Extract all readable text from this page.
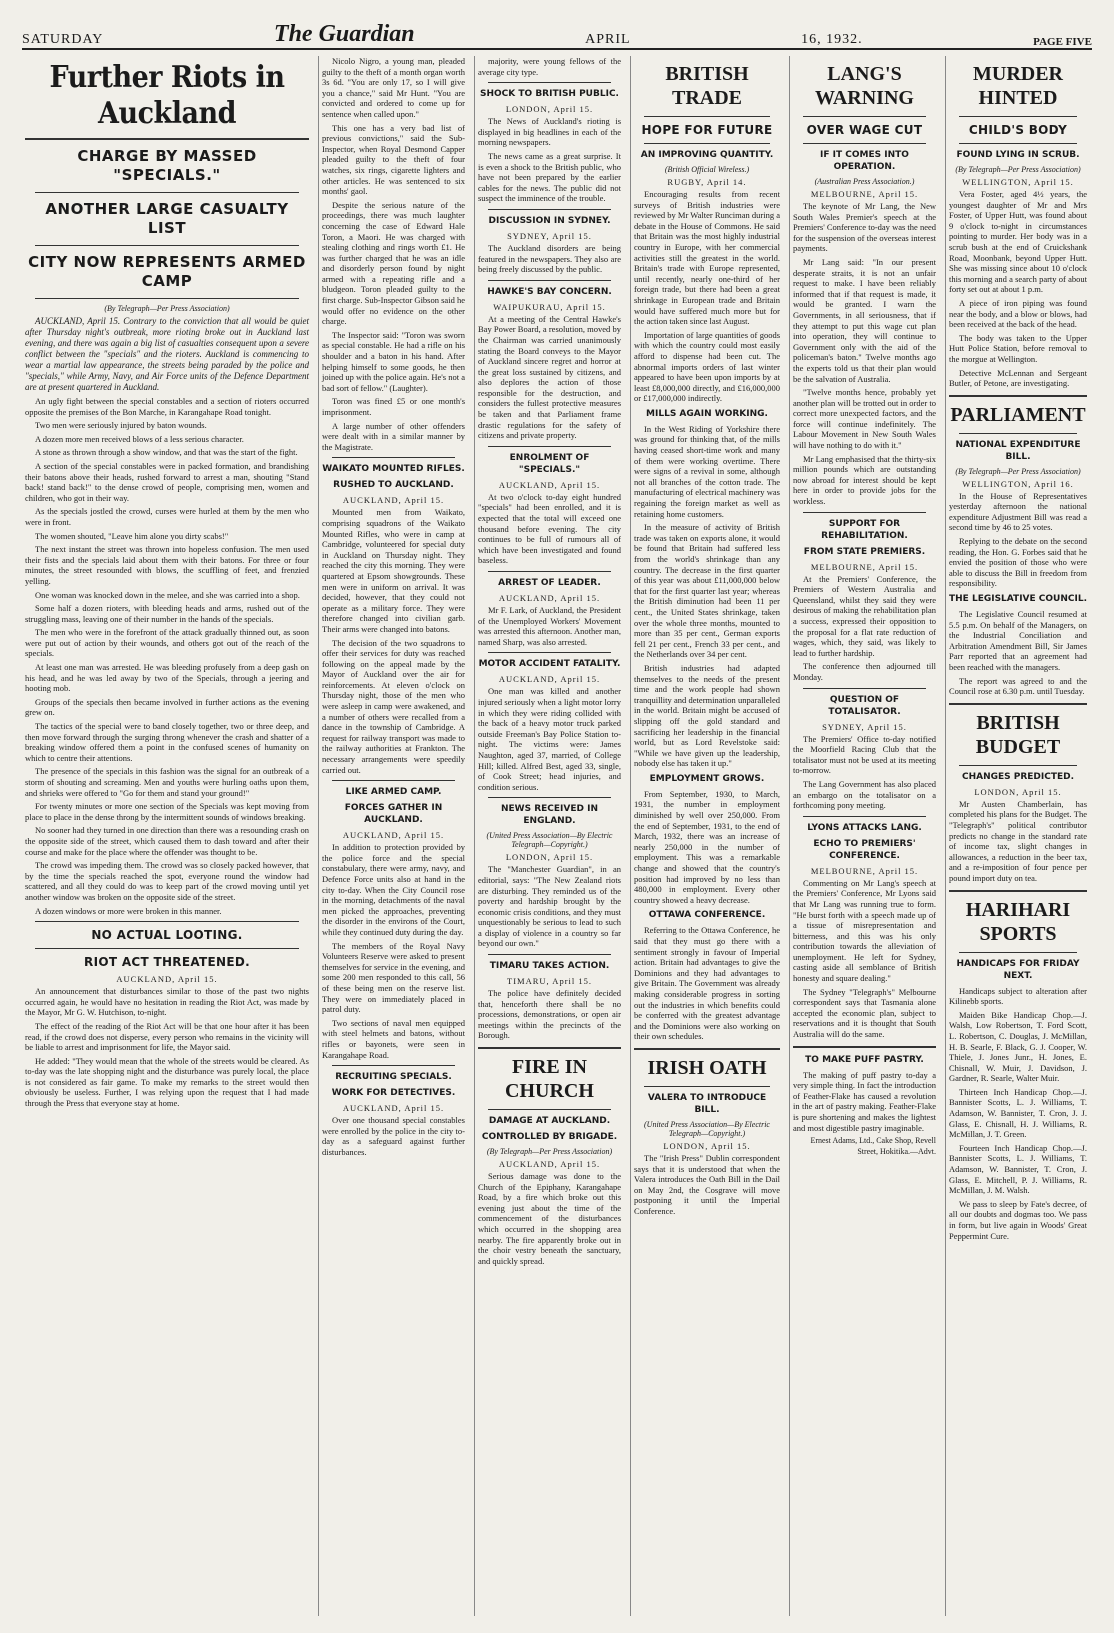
SATURDAY	The Guardian	APRIL	16, 1932.	PAGE FIVE
Further Riots in Auckland
CHARGE BY MASSED "SPECIALS."
ANOTHER LARGE CASUALTY LIST
CITY NOW REPRESENTS ARMED CAMP
(By Telegraph—Per Press Association)

AUCKLAND, April 15. Contrary to the conviction that all would be quiet after Thursday night's outbreak, more rioting broke out in Auckland last evening, and there was again a big list of casualties consequent upon a severe conflict between the "specials" and the rioters. Auckland is commencing to wear a martial law appearance, the streets being paraded by the police and "specials," while Army, Navy, and Air Force units of the Defence Department are at present quartered in Auckland.

An ugly fight between the special constables and a section of rioters occurred opposite the premises of the Bon Marche, in Karangahape Road tonight.

Two men were seriously injured by baton wounds.

A dozen more men received blows of a less serious character.

A stone as thrown through a show window, and that was the start of the fight.

A section of the special constables were in packed formation, and brandishing their batons above their heads, rushed forward to arrest a man, shouting "Stand back! stand back!" to the dense crowd of people, comprising men, women and children, who got in their way.

As the specials jostled the crowd, curses were hurled at them by the men who were in front.

The women shouted, "Leave him alone you dirty scabs!"

The next instant the street was thrown into hopeless confusion. The men used their fists and the specials laid about them with their batons. For three or four minutes, the street resounded with blows, the scuffling of feet, and frenzied yelling.

One woman was knocked down in the melee, and she was carried into a shop.

Some half a dozen rioters, with bleeding heads and arms, rushed out of the struggling mass, leaving one of their number in the hands of the specials.

The men who were in the forefront of the attack gradually thinned out, as soon were put out of action by their wounds, and others got out of the reach of the specials.

At least one man was arrested. He was bleeding profusely from a deep gash on his head, and he was led away by two of the Specials, through a jeering and hooting mob.

Groups of the specials then became involved in further actions as the evening grew on.

The tactics of the special were to band closely together, two or three deep, and then move forward through the surging throng whenever the crash and shatter of a breaking window offered them a point in the confused scenes of humanity on which to centre their attentions.

The presence of the specials in this fashion was the signal for an outbreak of a storm of shouting and screaming. Men and youths were hurling oaths upon them, and shrieks were offered to "Go for them and stand your ground!"

For twenty minutes or more one section of the Specials was kept moving from place to place in the dense throng by the intermittent sounds of windows breaking.

No sooner had they turned in one direction than there was a resounding crash on the opposite side of the street, which caused them to dash toward and after their course and make for the place where the offender was thought to be.

The crowd was impeding them. The crowd was so closely packed however, that by the time the specials reached the spot, everyone round the window had scattered, and all they could do was to keep part of the crowd moving until yet another window was broken on the opposite side of the street.

A dozen windows or more were broken in this manner.

NO ACTUAL LOOTING.
RIOT ACT THREATENED.
AUCKLAND, April 15.

An announcement that disturbances similar to those of the past two nights occurred again, he would have no hesitation in reading the Riot Act, was made by the Mayor, Mr G. W. Hutchison, to-night.

The effect of the reading of the Riot Act will be that one hour after it has been read, if the crowd does not disperse, every person who remains in the vicinity will be liable to arrest and imprisonment for life, the Mayor said.

He added: "They would mean that the whole of the streets would be cleared. As to-day was the late shopping night and the disturbance was purely local, the place is not considered as fair game. To make my remarks to the street would then obviously be useless. Further, I was relying upon the request that I had made through the Press that everyone stay at home.

Nicolo Nigro, a young man, pleaded guilty to the theft of a month organ worth 3s 6d. "You are only 17, so I will give you a chance," said Mr Hunt. "You are convicted and ordered to come up for sentence when called upon."

This one has a very bad list of previous convictions," said the Sub-Inspector, when Royal Desmond Capper pleaded guilty to the theft of four watches, six rings, cigarette lighters and other articles. He was sentenced to six months' gaol.

Despite the serious nature of the proceedings, there was much laughter concerning the case of Edward Hale Toron, a Maori. He was charged with stealing clothing and rings worth £1. He was further charged that he was an idle and disorderly person found by night armed with a repeating rifle and a bludgeon. Toron pleaded guilty to the first charge. Sub-Inspector Gibson said he would offer no evidence on the other charge.

The Inspector said: "Toron was sworn as special constable. He had a rifle on his shoulder and a baton in his hand. After helping himself to some goods, he then joined up with the police again. He's not a bad sort of fellow." (Laughter).

Toron was fined £5 or one month's imprisonment.

A large number of other offenders were dealt with in a similar manner by the Magistrate.

WAIKATO MOUNTED RIFLES.
RUSHED TO AUCKLAND.
AUCKLAND, April 15.

Mounted men from Waikato, comprising squadrons of the Waikato Mounted Rifles, who were in camp at Cambridge, volunteered for special duty in Auckland on Thursday night. They reached the city this morning. They were quartered at Epsom showgrounds. These men were in uniform on arrival. It was decided, however, that they could not operate as a military force. They were therefore changed into civilian garb. Their arms were changed into batons.

The decision of the two squadrons to offer their services for duty was reached following on the appeal made by the Mayor of Auckland over the air for reinforcements. At eleven o'clock on Thursday night, those of the men who were asleep in camp were awakened, and a number of others were recalled from a dance in the township of Cambridge. A request for railway transport was made to the railway authorities at Frankton. The necessary arrangements were speedily carried out.

LIKE ARMED CAMP.
FORCES GATHER IN AUCKLAND.
AUCKLAND, April 15.

In addition to protection provided by the police force and the special constabulary, there were army, navy, and Defence Force units also at hand in the city to-day. When the City Council rose in the morning, detachments of the naval men picked the approaches, preventing the disorder in the environs of the Court, while they continued duty during the day.

The members of the Royal Navy Volunteers Reserve were asked to present themselves for service in the evening, and some 200 men responded to this call, 56 of these being men on the reserve list. They were on immediately placed in patrol duty.

Two sections of naval men equipped with steel helmets and batons, without rifles or bayonets, were seen in Karangahape Road.

RECRUITING SPECIALS.
WORK FOR DETECTIVES.
AUCKLAND, April 15.

Over one thousand special constables were enrolled by the police in the city to-day as a safeguard against further disturbances.

majority, were young fellows of the average city type.

SHOCK TO BRITISH PUBLIC.
LONDON, April 15.

The News of Auckland's rioting is displayed in big headlines in each of the morning newspapers.

The news came as a great surprise. It is even a shock to the British public, who have not been prepared by the earlier cables for the news. The public did not suspect the imminence of the trouble.

DISCUSSION IN SYDNEY.
SYDNEY, April 15.

The Auckland disorders are being featured in the newspapers. They also are being freely discussed by the public.

HAWKE'S BAY CONCERN.
WAIPUKURAU, April 15.

At a meeting of the Central Hawke's Bay Power Board, a resolution, moved by the Chairman was carried unanimously stating the Board conveys to the Mayor of Auckland sincere regret and horror at the great loss sustained by citizens, and also deplores the action of those responsible for the destruction, and considers the fullest protective measures be taken and that Parliament frame drastic regulations for the safety of citizens and private property.

ENROLMENT OF "SPECIALS."
AUCKLAND, April 15.

At two o'clock to-day eight hundred "specials" had been enrolled, and it is expected that the total will exceed one thousand before evening. The city continues to be full of rumours all of which have been investigated and found baseless.

ARREST OF LEADER.
AUCKLAND, April 15.

Mr F. Lark, of Auckland, the President of the Unemployed Workers' Movement was arrested this afternoon. Another man, named Sharp, was also arrested.

MOTOR ACCIDENT FATALITY.
AUCKLAND, April 15.

One man was killed and another injured seriously when a light motor lorry in which they were riding collided with the back of a heavy motor truck parked outside Freeman's Bay Police Station to-night. The victims were: James Naughton, aged 37, married, of College Hill; killed. Alfred Best, aged 33, single, of Cook Street; head injuries, and condition serious.

NEWS RECEIVED IN ENGLAND.
(United Press Association—By Electric Telegraph—Copyright.)
LONDON, April 15.

The "Manchester Guardian", in an editorial, says: "The New Zealand riots are disturbing. They reminded us of the poverty and hardship brought by the economic crisis conditions, and they must unquestionably be serious to lead to such a display of violence in a country so far beyond our own."

TIMARU TAKES ACTION.
TIMARU, April 15.

The police have definitely decided that, henceforth there shall be no processions, demonstrations, or open air meetings within the precincts of the Borough.

FIRE IN CHURCH
DAMAGE AT AUCKLAND.
CONTROLLED BY BRIGADE.
(By Telegraph—Per Press Association)
AUCKLAND, April 15.

Serious damage was done to the Church of the Epiphany, Karangahape Road, by a fire which broke out this evening just about the time of the commencement of the disturbances which occurred in the shopping area nearby. The fire apparently broke out in the choir vestry beneath the sanctuary, and quickly spread.

BRITISH TRADE
HOPE FOR FUTURE
AN IMPROVING QUANTITY.
(British Official Wireless.)
RUGBY, April 14.

Encouraging results from recent surveys of British industries were reviewed by Mr Walter Runciman during a debate in the House of Commons. He said that Britain was the most highly industrial country in Europe, with her commercial activities still the greatest in the world. Britain's trade with Europe represented, until recently, nearly one-third of her foreign trade, but there had been a great shrinkage in European trade and Britain would have suffered much more but for the action taken since last August.

Importation of large quantities of goods with which the country could most easily afford to dispense had been cut. The abnormal imports orders of last winter appeared to have been upon imports by at least £8,000,000 directly, and £16,000,000 or £17,000,000 indirectly.

MILLS AGAIN WORKING.

In the West Riding of Yorkshire there was ground for thinking that, of the mills having ceased short-time work and many of them were working overtime. There were signs of a revival in some, although not all branches of the cotton trade. The manufacturing of electrical machinery was regaining the foreign market as well as retaining home customers.

In the measure of activity of British trade was taken on exports alone, it would be found that Britain had suffered less from the world's shrinkage than any country. The decrease in the first quarter of this year was about £11,000,000 below that for the first quarter last year; whereas the British diminution had been 11 per cent., the United States shrinkage, taken over the whole three months, mounted to more than 35 per cent., German exports fell 21 per cent., French 33 per cent., and the Netherlands over 34 per cent.

British industries had adapted themselves to the needs of the present time and the work people had shown tranquillity and determination unparalleled in the world. Britain might be accused of slipping off the gold standard and sacrificing her leadership in the financial world, but as Lord Revelstoke said: "While we have given up the leadership, nobody else has taken it up."

EMPLOYMENT GROWS.

From September, 1930, to March, 1931, the number in employment diminished by well over 250,000. From the end of September, 1931, to the end of March, 1932, there was an increase of nearly 250,000 in the number of employment. This was a remarkable change and showed that the country's position had improved by no less than 480,000 in employment. Every other country showed a heavy decrease.

OTTAWA CONFERENCE.

Referring to the Ottawa Conference, he said that they must go there with a sentiment strongly in favour of Imperial action. Britain had advantages to give the Dominions and they had advantages to give Britain. The Government was already making considerable progress in sorting out the industries in which benefits could be conferred with the greatest advantage and the Dominions were also working on their own schedules.

IRISH OATH
VALERA TO INTRODUCE BILL.
(United Press Association—By Electric Telegraph—Copyright.)
LONDON, April 15.

The "Irish Press" Dublin correspondent says that it is understood that when the Valera introduces the Oath Bill in the Dail on May 2nd, the Cosgrave will move postponing it until the Imperial Conference.

LANG'S WARNING
OVER WAGE CUT
IF IT COMES INTO OPERATION.
(Australian Press Association.)
MELBOURNE, April 15.

The keynote of Mr Lang, the New South Wales Premier's speech at the Premiers' Conference to-day was the need for the suspension of the overseas interest payments.

Mr Lang said: "In our present desperate straits, it is not an unfair request to make. I have been reliably informed that if that request is made, it would be granted. I warn the Governments, in all seriousness, that if they attempt to put this wage cut plan into operation, they will continue to Government only with the aid of the policeman's baton." Twelve months ago the experts told us that their plan would be the salvation of Australia.

"Twelve months hence, probably yet another plan will be trotted out in order to correct more unexpected factors, and the force will continue indefinitely. The Labour Movement in New South Wales will have nothing to do with it."

Mr Lang emphasised that the thirty-six million pounds which are outstanding now abroad for interest should be kept here in order to provide jobs for the workless.

SUPPORT FOR REHABILITATION.
FROM STATE PREMIERS.
MELBOURNE, April 15.

At the Premiers' Conference, the Premiers of Western Australia and Queensland, whilst they said they were desirous of making the rehabilitation plan a success, expressed their opposition to the proposal for a flat rate reduction of wages, which, they said, was likely to lead to further hardship.

The conference then adjourned till Monday.

QUESTION OF TOTALISATOR.
SYDNEY, April 15.

The Premiers' Office to-day notified the Moorfield Racing Club that the totalisator must not be used at its meeting to-morrow.

The Lang Government has also placed an embargo on the totalisator on a forthcoming pony meeting.

LYONS ATTACKS LANG.
ECHO TO PREMIERS' CONFERENCE.
MELBOURNE, April 15.

Commenting on Mr Lang's speech at the Premiers' Conference, Mr Lyons said that Mr Lang was running true to form. "He burst forth with a speech made up of a tissue of misrepresentation and bitterness, and this was his only contribution towards the alleviation of unemployment. He left for Sydney, casting aside all semblance of British honesty and square dealing."

The Sydney "Telegraph's" Melbourne correspondent says that Tasmania alone accepted the economic plan, subject to reservations and it is thought that South Australia will do the same.

TO MAKE PUFF PASTRY.

The making of puff pastry to-day a very simple thing. In fact the introduction of Feather-Flake has caused a revolution in the art of pastry making. Feather-Flake is pure shortening and makes the lightest and most digestible pastry imaginable.

Ernest Adams, Ltd., Cake Shop, Revell Street, Hokitika.—Advt.

MURDER HINTED
CHILD'S BODY
FOUND LYING IN SCRUB.
(By Telegraph—Per Press Association)
WELLINGTON, April 15.

Vera Foster, aged 4½ years, the youngest daughter of Mr and Mrs Foster, of Upper Hutt, was found about 9 o'clock to-night in circumstances pointing to murder. Her body was in a scrub bush at the end of Cruickshank Road, Moonbank, beyond Upper Hutt. She was missing since about 10 o'clock this morning and a search party of about forty set out at about 1 p.m.

A piece of iron piping was found near the body, and a blow or blows, had been received at the back of the head.

The body was taken to the Upper Hutt Police Station, before removal to the morgue at Wellington.

Detective McLennan and Sergeant Butler, of Petone, are investigating.

PARLIAMENT
NATIONAL EXPENDITURE BILL.
(By Telegraph—Per Press Association)
WELLINGTON, April 16.

In the House of Representatives yesterday afternoon the national expenditure Adjustment Bill was read a second time by 46 to 25 votes.

Replying to the debate on the second reading, the Hon. G. Forbes said that he envied the position of those who were able to discuss the Bill in freedom from responsibility.

THE LEGISLATIVE COUNCIL.

The Legislative Council resumed at 5.5 p.m. On behalf of the Managers, on the Industrial Conciliation and Arbitration Amendment Bill, Sir James Parr reported that an agreement had been reached with the managers.

The report was agreed to and the Council rose at 6.30 p.m. until Tuesday.

BRITISH BUDGET
CHANGES PREDICTED.
LONDON, April 15.

Mr Austen Chamberlain, has completed his plans for the Budget. The "Telegraph's" political contributor predicts no change in the standard rate of income tax, slight changes in allowances, a reduction in the beer tax, and a re-imposition of four pence per pound import duty on tea.

HARIHARI SPORTS
HANDICAPS FOR FRIDAY NEXT.

Handicaps subject to alteration after Kilinebb sports.

Maiden Bike Handicap Chop.—J. Walsh, Low Robertson, T. Ford Scott, L. Robertson, C. Douglas, J. McMillan, H. B. Searle, F. Black, G. J. Cooper, W. Thiele, J. Jones Junr., H. Jones, E. Chisnall, W. Muir, J. Davidson, J. Gardner, R. Searle, Walter Muir.

Thirteen Inch Handicap Chop.—J. Bannister Scotts, L. J. Williams, T. Adamson, W. Bannister, T. Cron, J. J. Glass, E. Chisnall, H. J. Williams, R. McMillan, J. T. Green.

Fourteen Inch Handicap Chop.—J. Bannister Scotts, L. J. Williams, T. Adamson, W. Bannister, T. Cron, J. Glass, E. Mitchell, P. J. Williams, R. McMillan, J. M. Walsh.

We pass to sleep by Fate's decree, of all our doubts and dogmas too. We pass in form, but live again in Woods' Great Peppermint Cure.
